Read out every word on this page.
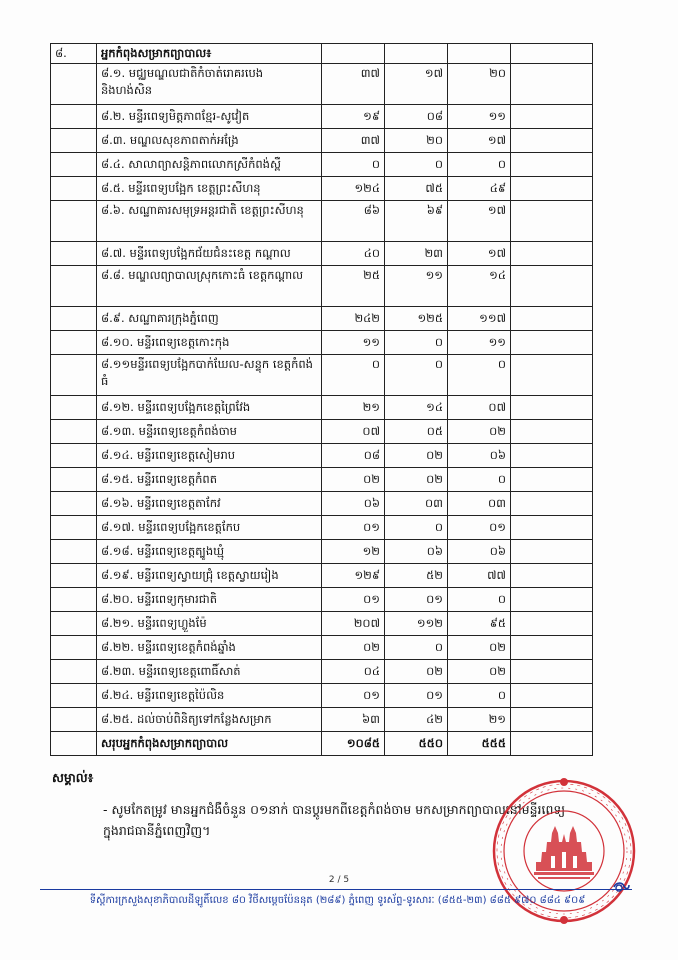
៨.	អ្នកកំពុងសម្រាកព្យាបាល៖				
	៨.១. មជ្ឈមណ្ឌលជាតិកំចាត់រោគរបេង និងហង់សិន	៣៧	១៧	២០	
	៨.២. មន្ទីរពេទ្យមិត្តភាពខ្មែរ-សូវៀត	១៩	០៨	១១	
	៨.៣. មណ្ឌលសុខភាពតាក់អង្រែ	៣៧	២០	១៧	
	៨.៤. សាលាព្យាសន្តិភាពលោកស្រីកំពង់ស្ពឺ	០	០	០	
	៨.៥. មន្ទីរពេទ្យបង្អែក ខេត្តព្រះសីហនុ	១២៤	៧៥	៤៩	
	៨.៦. សណ្ឋាគារសមុទ្រអន្តរជាតិ ខេត្តព្រះសីហនុ	៨៦	៦៩	១៧	
	៨.៧. មន្ទីរពេទ្យបង្អែកជ័យជំនះខេត្ត កណ្តាល	៤០	២៣	១៧	
	៨.៨. មណ្ឌលព្យាបាលស្រុកកោះធំ ខេត្តកណ្តាល	២៥	១១	១៤	
	៨.៩. សណ្ឋាគារក្រុងភ្នំពេញ	២៤២	១២៥	១១៧	
	៨.១០. មន្ទីរពេទ្យខេត្តកោះកុង	១១	០	១១	
	៨.១១មន្ទីរពេទ្យបង្អែកបាក់ឃែល-សន្ទុក ខេត្តកំពង់ធំ	០	០	០	
	៨.១២. មន្ទីរពេទ្យបង្អែកខេត្តព្រៃវែង	២១	១៤	០៧	
	៨.១៣. មន្ទីរពេទ្យខេត្តកំពង់ចាម	០៧	០៥	០២	
	៨.១៤. មន្ទីរពេទ្យខេត្តសៀមរាប	០៨	០២	០៦	
	៨.១៥. មន្ទីរពេទ្យខេត្តកំពត	០២	០២	០	
	៨.១៦. មន្ទីរពេទ្យខេត្តតាកែវ	០៦	០៣	០៣	
	៨.១៧. មន្ទីរពេទ្យបង្អែកខេត្តកែប	០១	០	០១	
	៨.១៨. មន្ទីរពេទ្យខេត្តត្បូងឃ្មុំ	១២	០៦	០៦	
	៨.១៩. មន្ទីរពេទ្យស្វាយជ្រុំ ខេត្តស្វាយរៀង	១២៩	៥២	៧៧	
	៨.២០. មន្ទីរពេទ្យកុមារជាតិ	០១	០១	០	
	៨.២១. មន្ទីរពេទ្យហ្លួងម៉ែ	២០៧	១១២	៩៥	
	៨.២២. មន្ទីរពេទ្យខេត្តកំពង់ឆ្នាំង	០២	០	០២	
	៨.២៣. មន្ទីរពេទ្យខេត្តពោធិ៍សាត់	០៤	០២	០២	
	៨.២៤. មន្ទីរពេទ្យខេត្តប៉ៃលិន	០១	០១	០	
	៨.២៥. ដល់ចាប់ពិនិត្យទៅកន្លែងសម្រាក	៦៣	៤២	២១	
	សរុបអ្នកកំពុងសម្រាកព្យាបាល	១០៨៥	៥៥០	៥៥៥	
សម្គាល់៖
- សូមកែតម្រូវ មានអ្នកជំងឺចំនួន ០១នាក់ បានប្តូរមកពីខេត្តកំពង់ចាម មកសម្រាកព្យាបាលនៅមន្ទីរពេទ្យ ក្នុងរាជធានីភ្នំពេញវិញ។
2 / 5
ទីស្តីការក្រសួងសុខាភិបាលដីឡូតិ៍លេខ ៨០ វិថីសម្តេចប៉ែននុត (២៨៩) ភ្នំពេញ ទូរស័ព្ទ-ទូរសារៈ (៨៥៥-២៣) ៨៨៥ ៩៧០ ៨៨៤ ៩០៩
